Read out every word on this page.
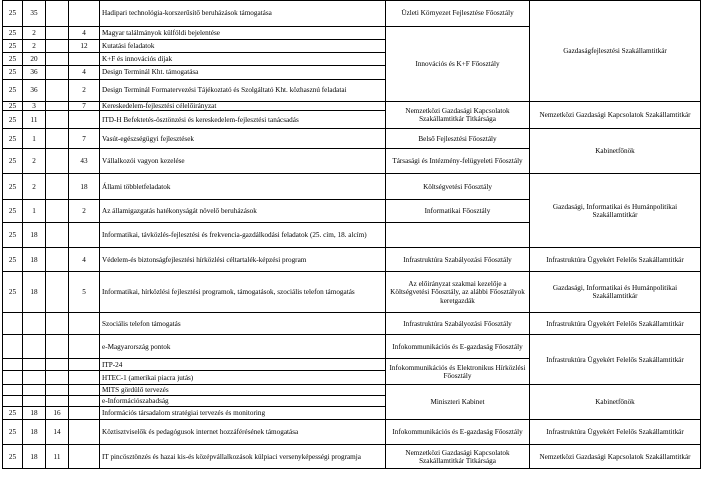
25	35			Hadipari technológia-korszerűsítő beruházások támogatása	Üzleti Környezet Fejlesztése Főosztály	Gazdaságfejlesztési Szakállamtitkár
25	2		4	Magyar találmányok külföldi bejelentése	Innovációs és K+F Főosztály	
25	2		12	Kutatási feladatok		
25	20			K+F és innovációs díjak		
25	36		4	Design Terminál Kht. támogatása		
25	36		2	Design Terminál Formatervezési Tájékoztató és Szolgáltató Kht. közhasznú feladatai		
25	3		7	Kereskedelem-fejlesztési célelőirányzat	Nemzetközi Gazdasági Kapcsolatok Szakállamtitkár Titkársága	Nemzetközi Gazdasági Kapcsolatok Szakállamtitkár
25	11			ITD-H Befektetés-ösztönzési és kereskedelem-fejlesztési tanácsadás		
25	1		7	Vasút-egészségügyi fejlesztések	Belső Fejlesztési Főosztály	Kabinetfőnök
25	2		43	Vállalkozói vagyon kezelése	Társasági és Intézmény-felügyeleti Főosztály	
25	2		18	Állami többletfeladatok	Költségvetési Főosztály	Gazdasági, Informatikai és Humánpolitikai Szakállamtitkár
25	1		2	Az államigazgatás hatékonyságát növelő beruházások	Informatikai Főosztály	
25	18			Informatikai, távközlés-fejlesztési és frekvencia-gazdálkodási feladatok (25. cím, 18. alcím)		
25	18		4	Védelem-és biztonságfejlesztési hírközlési céltartalék-képzési program	Infrastruktúra Szabályozási Főosztály	Infrastruktúra Ügyekért Felelős Szakállamtitkár
25	18		5	Informatikai, hírközlési fejlesztési programok, támogatások, szociális telefon támogatás	Az előirányzat szakmai kezelője a Költségvetési Főosztály, az alábbi Főosztályok keretgazdák	Gazdasági, Informatikai és Humánpolitikai Szakállamtitkár
				Szociális telefon támogatás	Infrastruktúra Szabályozási Főosztály	Infrastruktúra Ügyekért Felelős Szakállamtitkár
				e-Magyarország pontok	Infokommunikációs és E-gazdaság Főosztály	Infrastruktúra Ügyekért Felelős Szakállamtitkár
				ITP-24	Infokommunikációs és Elektronikus Hírközlési Főosztály	
				HTEC-1 (amerikai piacra jutás)		
				MITS gördülő tervezés	Miniszteri Kabinet	Kabinetfőnök
				e-Információszabadság		
25	18	16		Információs társadalom stratégiai tervezés és monitoring		
25	18	14		Köztisztviselők és pedagógusok internet hozzáférésének támogatása	Infokommunikációs és E-gazdaság Főosztály	Infrastruktúra Ügyekért Felelős Szakállamtitkár
25	18	11		IT pincösztönzés és hazai kis-és középvállalkozások külpiaci versenyképességi programja	Nemzetközi Gazdasági Kapcsolatok Szakállamtitkár Titkársága	Nemzetközi Gazdasági Kapcsolatok Szakállamtitkár
